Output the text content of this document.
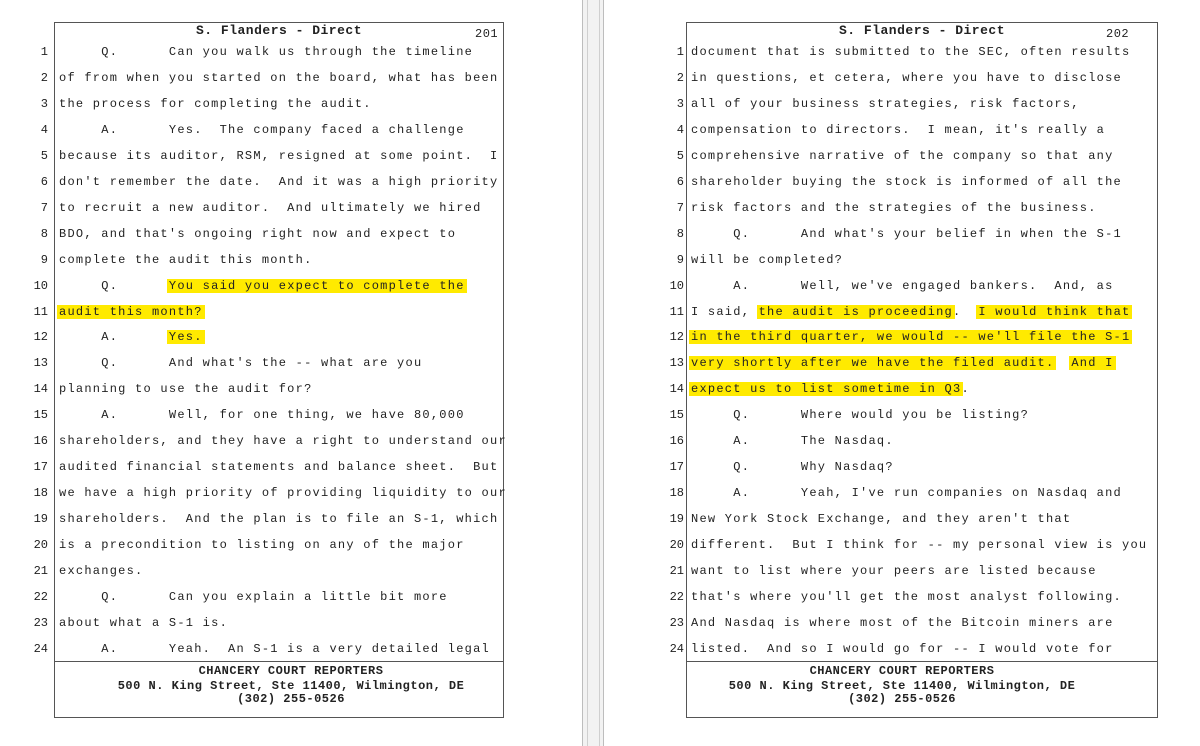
S. Flanders - Direct	201
1 Q.      Can you walk us through the timeline
2 of from when you started on the board, what has been
3 the process for completing the audit.
4 A.      Yes.  The company faced a challenge
5 because its auditor, RSM, resigned at some point.  I
6 don't remember the date.  And it was a high priority
7 to recruit a new auditor.  And ultimately we hired
8 BDO, and that's ongoing right now and expect to
9 complete the audit this month.
10 Q.      You said you expect to complete the
11 audit this month?
12 A.      Yes.
13 Q.      And what's the -- what are you
14 planning to use the audit for?
15 A.      Well, for one thing, we have 80,000
16 shareholders, and they have a right to understand our
17 audited financial statements and balance sheet.  But
18 we have a high priority of providing liquidity to our
19 shareholders.  And the plan is to file an S-1, which
20 is a precondition to listing on any of the major
21 exchanges.
22 Q.      Can you explain a little bit more
23 about what a S-1 is.
24 A.      Yeah.  An S-1 is a very detailed legal
CHANCERY COURT REPORTERS
500 N. King Street, Ste 11400, Wilmington, DE
(302) 255-0526
S. Flanders - Direct	202
1 document that is submitted to the SEC, often results
2 in questions, et cetera, where you have to disclose
3 all of your business strategies, risk factors,
4 compensation to directors.  I mean, it's really a
5 comprehensive narrative of the company so that any
6 shareholder buying the stock is informed of all the
7 risk factors and the strategies of the business.
8 Q.      And what's your belief in when the S-1
9 will be completed?
10 A.      Well, we've engaged bankers.  And, as
11 I said, the audit is proceeding.  I would think that
12 in the third quarter, we would -- we'll file the S-1
13 very shortly after we have the filed audit. And I
14 expect us to list sometime in Q3.
15 Q.      Where would you be listing?
16 A.      The Nasdaq.
17 Q.      Why Nasdaq?
18 A.      Yeah, I've run companies on Nasdaq and
19 New York Stock Exchange, and they aren't that
20 different.  But I think for -- my personal view is you
21 want to list where your peers are listed because
22 that's where you'll get the most analyst following.
23 And Nasdaq is where most of the Bitcoin miners are
24 listed.  And so I would go for -- I would vote for
CHANCERY COURT REPORTERS
500 N. King Street, Ste 11400, Wilmington, DE
(302) 255-0526
